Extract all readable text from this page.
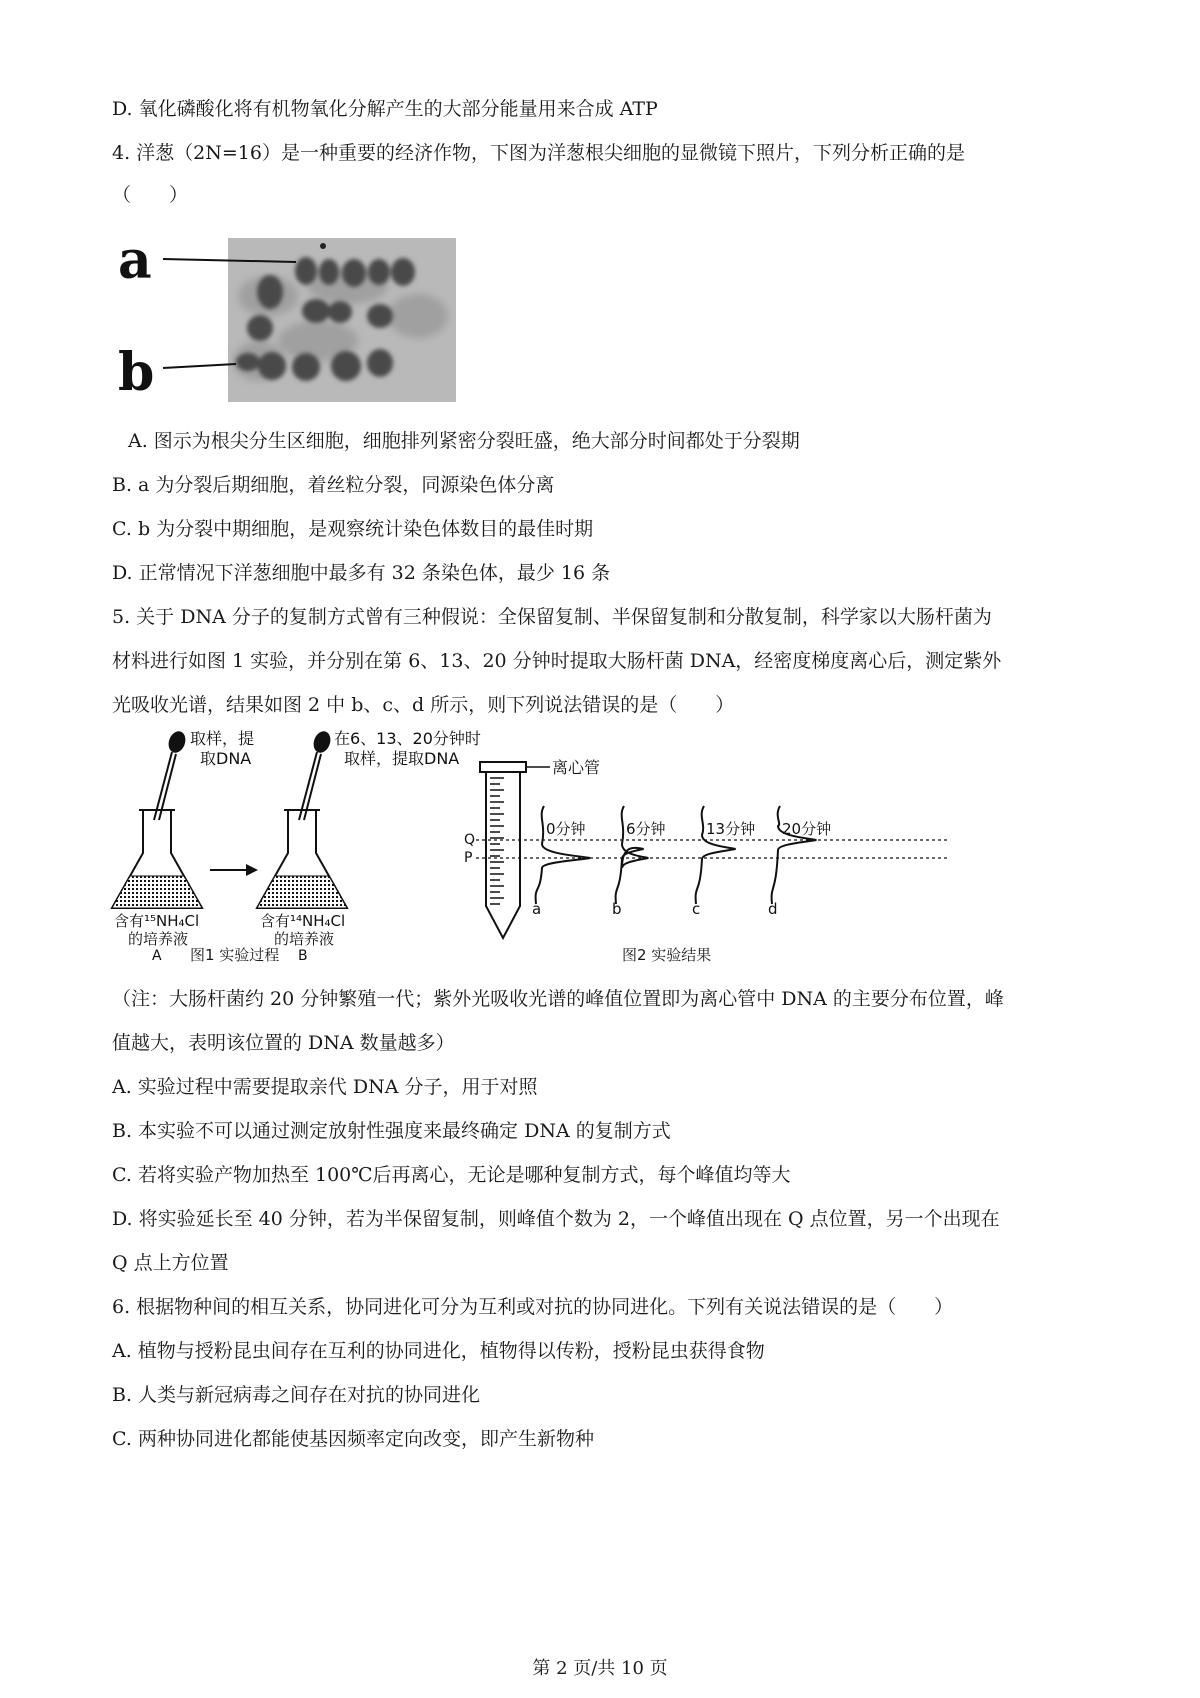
D. 氧化磷酸化将有机物氧化分解产生的大部分能量用来合成 ATP
4. 洋葱（2N=16）是一种重要的经济作物，下图为洋葱根尖细胞的显微镜下照片，下列分析正确的是
（　　）
a
b
A. 图示为根尖分生区细胞，细胞排列紧密分裂旺盛，绝大部分时间都处于分裂期
B. a 为分裂后期细胞，着丝粒分裂，同源染色体分离
C. b 为分裂中期细胞，是观察统计染色体数目的最佳时期
D. 正常情况下洋葱细胞中最多有 32 条染色体，最少 16 条
5. 关于 DNA 分子的复制方式曾有三种假说：全保留复制、半保留复制和分散复制，科学家以大肠杆菌为
材料进行如图 1 实验，并分别在第 6、13、20 分钟时提取大肠杆菌 DNA，经密度梯度离心后，测定紫外
光吸收光谱，结果如图 2 中 b、c、d 所示，则下列说法错误的是（　　）
取样，提
取DNA
在6、13、20分钟时
取样，提取DNA
含有¹⁵NH₄Cl
的培养液
A
含有¹⁴NH₄Cl
的培养液
B
图1 实验过程
离心管
Q
P
0分钟
a
6分钟
b
13分钟
c
20分钟
d
图2 实验结果
（注：大肠杆菌约 20 分钟繁殖一代；紫外光吸收光谱的峰值位置即为离心管中 DNA 的主要分布位置，峰
值越大，表明该位置的 DNA 数量越多）
A. 实验过程中需要提取亲代 DNA 分子，用于对照
B. 本实验不可以通过测定放射性强度来最终确定 DNA 的复制方式
C. 若将实验产物加热至 100℃后再离心，无论是哪种复制方式，每个峰值均等大
D. 将实验延长至 40 分钟，若为半保留复制，则峰值个数为 2，一个峰值出现在 Q 点位置，另一个出现在
Q 点上方位置
6. 根据物种间的相互关系，协同进化可分为互利或对抗的协同进化。下列有关说法错误的是（　　）
A. 植物与授粉昆虫间存在互利的协同进化，植物得以传粉，授粉昆虫获得食物
B. 人类与新冠病毒之间存在对抗的协同进化
C. 两种协同进化都能使基因频率定向改变，即产生新物种
第 2 页/共 10 页
